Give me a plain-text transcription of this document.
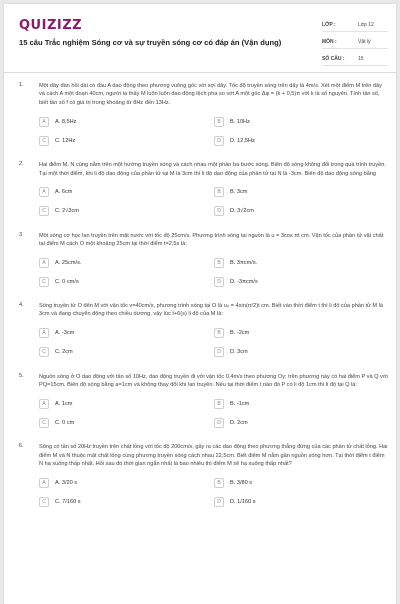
QUIZIZZ
15 câu Trắc nghiệm Sóng cơ và sự truyền sóng cơ có đáp án (Vận dụng)
LỚP :	Lớp 12
MÔN :	Vật lý
SỐ CÂU :	15
1.	Một dây đàn hồi dài có đầu A dao động theo phương vuông góc với sợi dây. Tốc độ truyền sóng trên dây là 4m/s. Xét một điểm M trên dây và cách A một đoạn 40cm, người ta thấy M luôn luôn dao động lệch pha so với A một góc Δφ = (k + 0,5)π với k là số nguyên. Tính tần số, biết tần số f có giá trị trong khoảng từ 8Hz đến 13Hz.
A	A. 8,5Hz	B	B. 10Hz
C	C. 12Hz	D	D. 12,5Hz
2.	Hai điểm M, N cùng nằm trên một hướng truyền sóng và cách nhau một phần ba bước sóng. Biên độ sóng không đổi trong quá trình truyền. Tại một thời điểm, khi li độ dao động của phần tử tại M là 3cm thì li độ dao động của phần tử tại N là -3cm. Biên độ dao động sóng bằng
A	A. 6cm	B	B. 3cm
C	C. 2√3cm	D	D. 3√2cm
3.	Một sóng cơ học lan truyền trên mặt nước với tốc độ 25cm/s. Phương trình sóng tại nguồn là u = 3cos πt cm. Vận tốc của phần tử vật chất tại điểm M cách O một khoảng 25cm tại thời điểm t=2,5s là:
A	A. 25cm/s.	B	B. 3πcm/s.
C	C. 0 cm/s	D	D. -3πcm/s
4.	Sóng truyền từ O đến M với vận tốc v=40cm/s, phương trình sóng tại O là u₀ = 4sin(π/2)t cm. Biết vào thời điểm t thì li độ của phần tử M là 3cm và đang chuyển động theo chiều dương, vậy lúc t+6(s) li độ của M là:
A	A. -3cm	B	B. -2cm
C	C. 2cm	D	D. 3cm
5.	Nguồn sóng ở O dao động với tần số 10Hz, dao động truyền đi với vận tốc 0,4m/s theo phương Oy; trên phương này có hai điểm P và Q với PQ=15cm. Biên độ sóng bằng a=1cm và không thay đổi khi lan truyền. Nếu tại thời điểm t nào đó P có li độ 1cm thì li độ tại Q là:
A	A. 1cm	B	B. -1cm
C	C. 0 cm	D	D. 2cm
6.	Sóng có tần số 20Hz truyền trên chất lỏng với tốc độ 200cm/s, gây ra các dao động theo phương thẳng đứng của các phần tử chất lỏng. Hai điểm M và N thuộc mặt chất lỏng cùng phương truyền sóng cách nhau 22,5cm. Biết điểm M nằm gần nguồn sóng hơn. Tại thời điểm t điểm N hạ xuống thấp nhất. Hỏi sau đó thời gian ngắn nhất là bao nhiêu thì điểm M sẽ hạ xuống thấp nhất?
A	A. 3/20 s	B	B. 3/80 s
C	C. 7/160 s	D	D. 1/160 s
